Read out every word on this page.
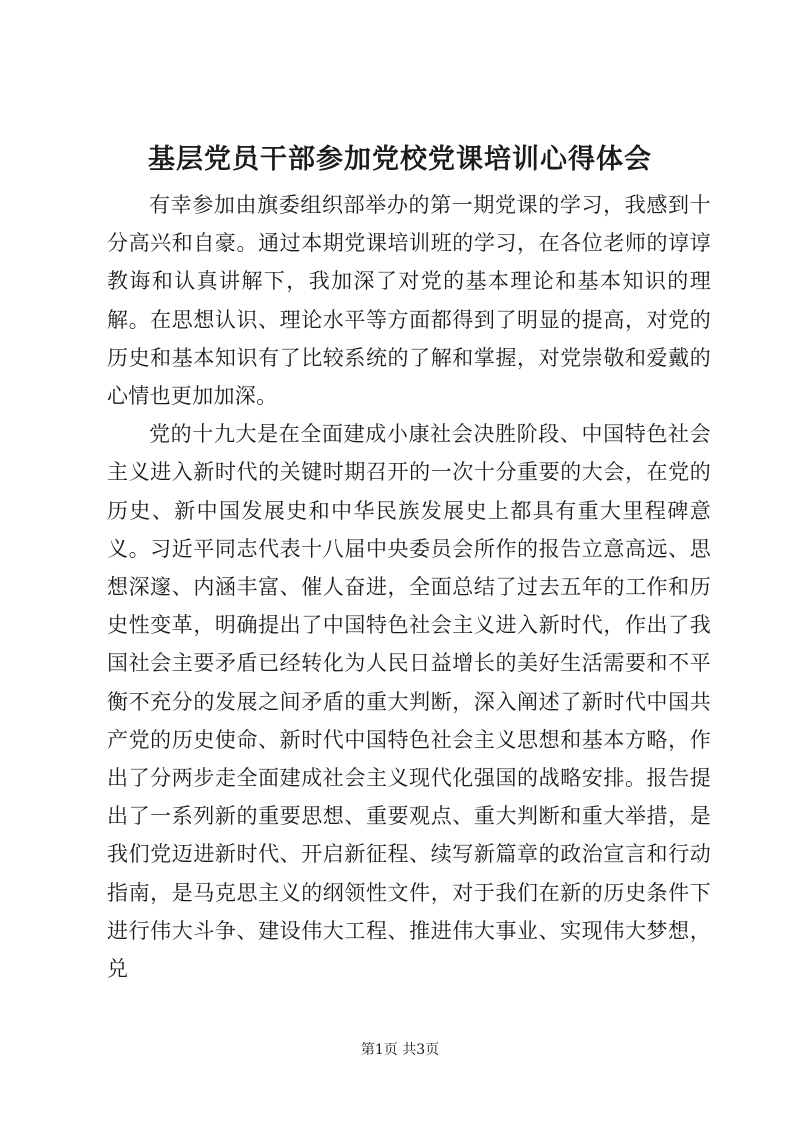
基层党员干部参加党校党课培训心得体会

有幸参加由旗委组织部举办的第一期党课的学习，我感到十分高兴和自豪。通过本期党课培训班的学习，在各位老师的谆谆教诲和认真讲解下，我加深了对党的基本理论和基本知识的理解。在思想认识、理论水平等方面都得到了明显的提高，对党的历史和基本知识有了比较系统的了解和掌握，对党崇敬和爱戴的心情也更加加深。

党的十九大是在全面建成小康社会决胜阶段、中国特色社会主义进入新时代的关键时期召开的一次十分重要的大会，在党的历史、新中国发展史和中华民族发展史上都具有重大里程碑意义。习近平同志代表十八届中央委员会所作的报告立意高远、思想深邃、内涵丰富、催人奋进，全面总结了过去五年的工作和历史性变革，明确提出了中国特色社会主义进入新时代，作出了我国社会主要矛盾已经转化为人民日益增长的美好生活需要和不平衡不充分的发展之间矛盾的重大判断，深入阐述了新时代中国共产党的历史使命、新时代中国特色社会主义思想和基本方略，作出了分两步走全面建成社会主义现代化强国的战略安排。报告提出了一系列新的重要思想、重要观点、重大判断和重大举措，是我们党迈进新时代、开启新征程、续写新篇章的政治宣言和行动指南，是马克思主义的纲领性文件，对于我们在新的历史条件下进行伟大斗争、建设伟大工程、推进伟大事业、实现伟大梦想，兑

第1页 共3页
